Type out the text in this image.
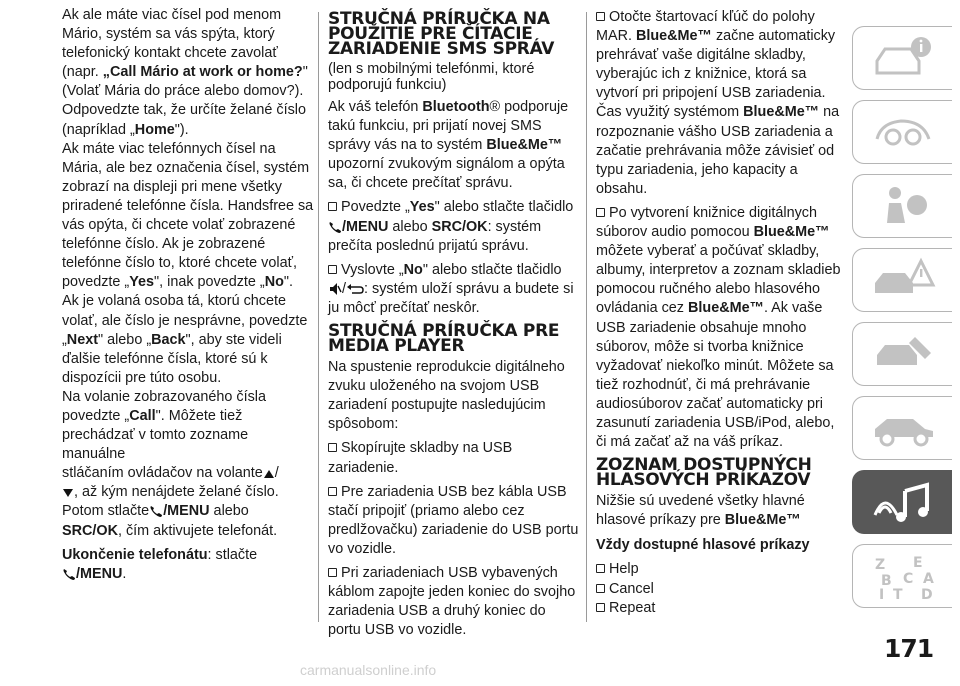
Ak ale máte viac čísel pod menom
Mário, systém sa vás spýta, ktorý
telefonický kontakt chcete zavolať
(napr. „Call Mário at work or home?"
(Volať Mária do práce alebo domov?).
Odpovedzte tak, že určíte želané číslo
(napríklad „Home").
Ak máte viac telefónnych čísel na
Mária, ale bez označenia čísel, systém
zobrazí na displeji pri mene všetky
priradené telefónne čísla. Handsfree sa
vás opýta, či chcete volať zobrazené
telefónne číslo. Ak je zobrazené
telefónne číslo to, ktoré chcete volať,
povedzte „Yes", inak povedzte „No".
Ak je volaná osoba tá, ktorú chcete
volať, ale číslo je nesprávne, povedzte
„Next" alebo „Back", aby ste videli
ďalšie telefónne čísla, ktoré sú k
dispozícii pre túto osobu.
Na volanie zobrazovaného čísla
povedzte „Call". Môžete tiež
prechádzať v tomto zozname manuálne
stláčaním ovládačov na volante /
, až kým nenájdete želané číslo.
Potom stlačte /MENU alebo
SRC/OK, čím aktivujete telefonát.

Ukončenie telefonátu: stlačte
/MENU.

STRUČNÁ PRÍRUČKA NA POUŽITIE PRE ČÍTACIE ZARIADENIE SMS SPRÁV

(len s mobilnými telefónmi, ktoré podporujú funkciu)

Ak váš telefón Bluetooth® podporuje takú funkciu, pri prijatí novej SMS správy vás na to systém Blue&Me™ upozorní zvukovým signálom a opýta sa, či chcete prečítať správu.

Povedzte „Yes" alebo stlačte tlačidlo
/MENU alebo SRC/OK: systém prečíta poslednú prijatú správu.

Vyslovte „No" alebo stlačte tlačidlo
/ : systém uloží správu a budete si ju môcť prečítať neskôr.

STRUČNÁ PRÍRUČKA PRE MEDIA PLAYER

Na spustenie reprodukcie digitálneho zvuku uloženého na svojom USB zariadení postupujte nasledujúcim spôsobom:

Skopírujte skladby na USB zariadenie.

Pre zariadenia USB bez kábla USB stačí pripojiť (priamo alebo cez predlžovačku) zariadenie do USB portu vo vozidle.

Pri zariadeniach USB vybavených káblom zapojte jeden koniec do svojho zariadenia USB a druhý koniec do portu USB vo vozidle.

Otočte štartovací kľúč do polohy MAR. Blue&Me™ začne automaticky prehrávať vaše digitálne skladby, vyberajúc ich z knižnice, ktorá sa vytvorí pri pripojení USB zariadenia. Čas využitý systémom Blue&Me™ na rozpoznanie vášho USB zariadenia a začatie prehrávania môže závisieť od typu zariadenia, jeho kapacity a obsahu.

Po vytvorení knižnice digitálnych súborov audio pomocou Blue&Me™ môžete vyberať a počúvať skladby, albumy, interpretov a zoznam skladieb pomocou ručného alebo hlasového ovládania cez Blue&Me™. Ak vaše USB zariadenie obsahuje mnoho súborov, môže si tvorba knižnice vyžadovať niekoľko minút. Môžete sa tiež rozhodnúť, či má prehrávanie audiosúborov začať automaticky pri zasunutí zariadenia USB/iPod, alebo, či má začať až na váš príkaz.

ZOZNAM DOSTUPNÝCH HLASOVÝCH PRÍKAZOV

Nižšie sú uvedené všetky hlavné hlasové príkazy pre Blue&Me™

Vždy dostupné hlasové príkazy

Help
Cancel
Repeat
Z E
B C A
I T D
171
carmanualsonline.info
